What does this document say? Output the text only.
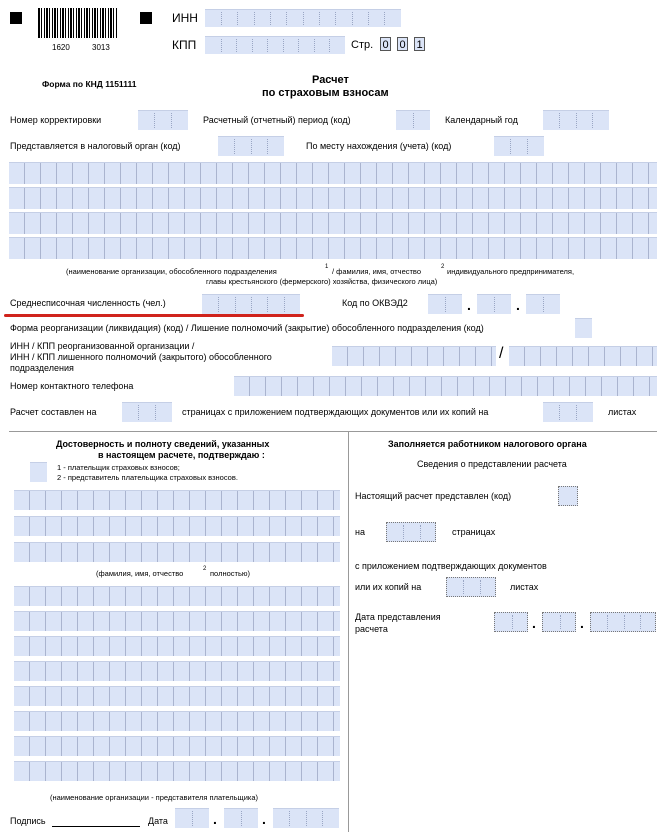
1620	3013
ИНН
КПП	Стр. 0 0 1
Форма по КНД 1151111	Расчет
по страховым взносам
Номер корректировки	Расчетный (отчетный) период (код)	Календарный год
Представляется в налоговый орган (код)	По месту нахождения (учета) (код)
(наименование организации, обособленного подразделения	1 / фамилия, имя, отчество	2 индивидуального предпринимателя,
главы крестьянского (фермерского) хозяйства, физического лица)
Среднесписочная численность (чел.)	Код по ОКВЭД2	.	.
Форма реорганизации (ликвидация) (код) / Лишение полномочий (закрытие) обособленного подразделения (код)
ИНН / КПП реорганизованной организации /
ИНН / КПП лишенного полномочий (закрытого) обособленного
подразделения
/
Номер контактного телефона
Расчет составлен на	страницах с приложением подтверждающих документов или их копий на	листах
Достоверность и полноту сведений, указанных
в настоящем расчете, подтверждаю :
1 - плательщик страховых взносов;
2 - представитель плательщика страховых взносов.
(фамилия, имя, отчество	2 полностью)
(наименование организации - представителя плательщика)
Подпись	Дата	.	.
Заполняется работником налогового органа
Сведения о представлении расчета
Настоящий расчет представлен (код)
на	страницах
с приложением подтверждающих документов
или их копий на	листах
Дата представления
расчета	.	.
